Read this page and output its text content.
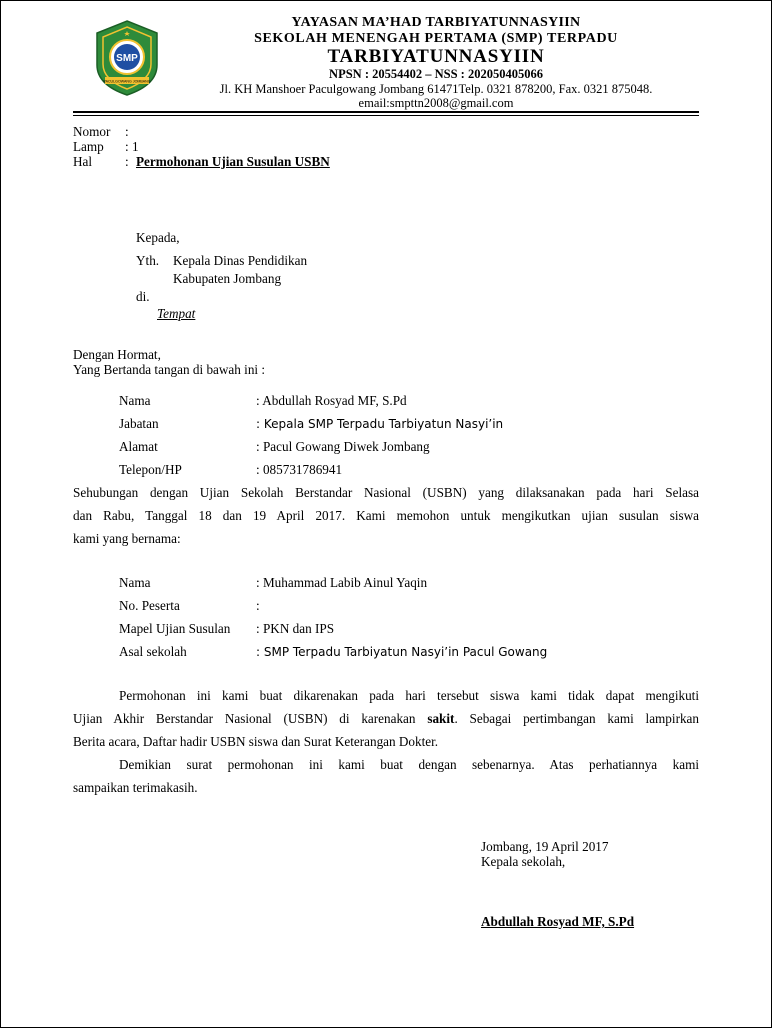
SMP
PACULGOWANG JOMBANG
YAYASAN MA’HAD TARBIYATUNNASYIIN
SEKOLAH MENENGAH PERTAMA (SMP) TERPADU
TARBIYATUNNASYIIN
NPSN : 20554402 – NSS : 202050405066
Jl. KH Manshoer Paculgowang Jombang 61471Telp. 0321 878200, Fax. 0321 875048.
email:smpttn2008@gmail.com
Nomor :
Lamp : 1
Hal : Permohonan Ujian Susulan USBN
Kepada,
Yth. Kepala Dinas Pendidikan
Kabupaten Jombang
di.
Tempat
Dengan Hormat,
Yang Bertanda tangan di bawah ini :
Nama	: Abdullah Rosyad MF, S.Pd
Jabatan	: Kepala SMP Terpadu Tarbiyatun Nasyi’in
Alamat	: Pacul Gowang Diwek Jombang
Telepon/HP	: 085731786941
Sehubungan dengan Ujian Sekolah Berstandar Nasional (USBN) yang dilaksanakan pada hari Selasa
dan Rabu, Tanggal 18 dan 19 April 2017. Kami memohon untuk mengikutkan ujian susulan siswa
kami yang bernama:
Nama	: Muhammad Labib Ainul Yaqin
No. Peserta	:
Mapel Ujian Susulan : PKN dan IPS
Asal sekolah	: SMP Terpadu Tarbiyatun Nasyi’in Pacul Gowang
Permohonan ini kami buat dikarenakan pada hari tersebut siswa kami tidak dapat mengikuti
Ujian Akhir Berstandar Nasional (USBN) di karenakan sakit. Sebagai pertimbangan kami lampirkan
Berita acara, Daftar hadir USBN siswa dan Surat Keterangan Dokter.
Demikian surat permohonan ini kami buat dengan sebenarnya. Atas perhatiannya kami
sampaikan terimakasih.
Jombang, 19 April 2017
Kepala sekolah,
Abdullah Rosyad MF, S.Pd
